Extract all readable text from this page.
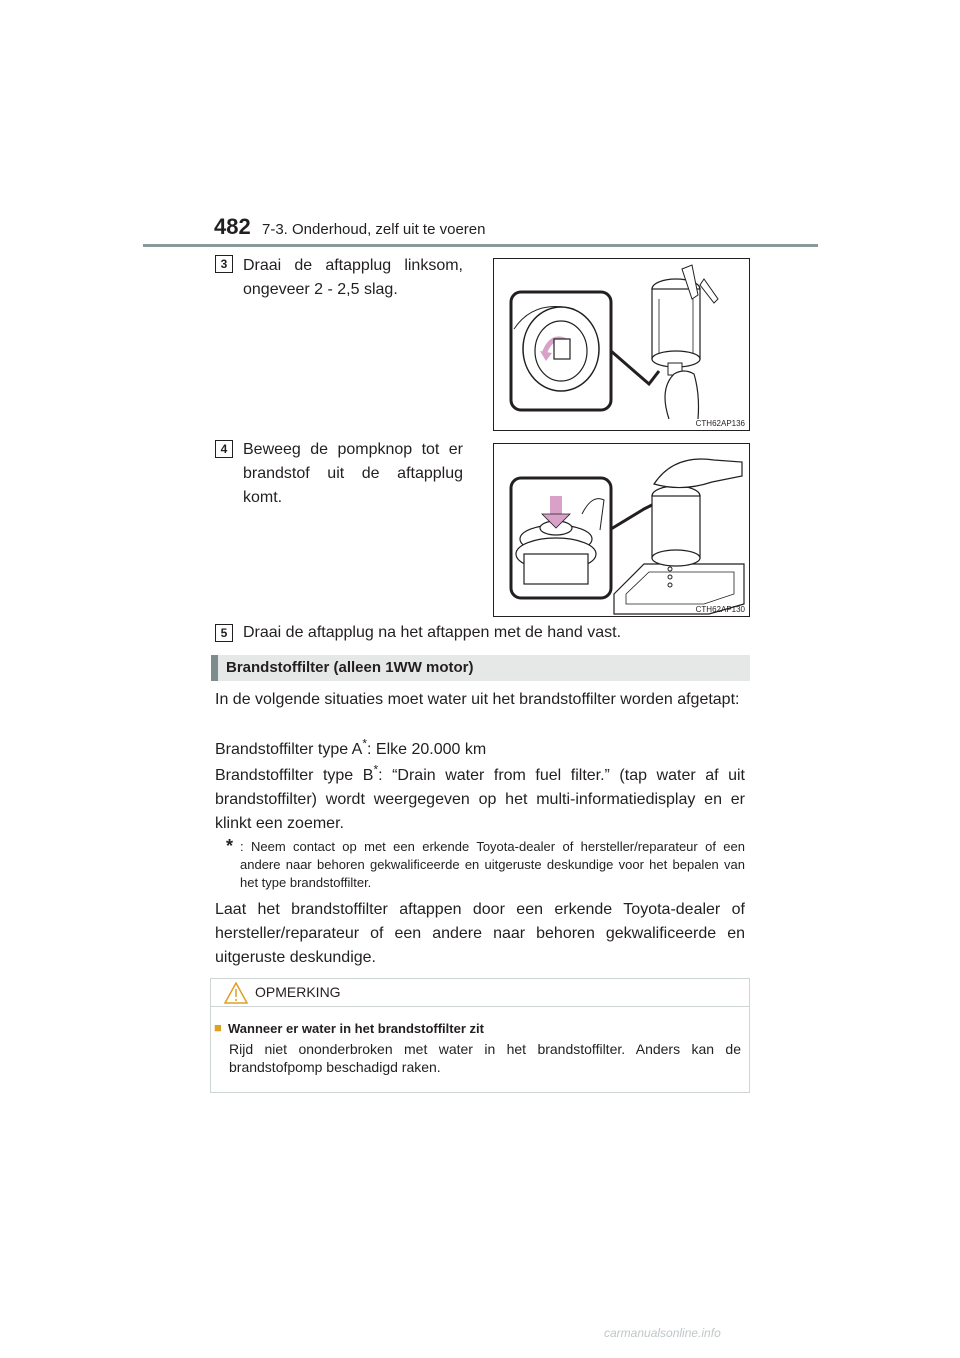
482 7-3. Onderhoud, zelf uit te voeren
3 Draai de aftapplug linksom, ongeveer 2 - 2,5 slag.
CTH62AP136
4 Beweeg de pompknop tot er brandstof uit de aftapplug komt.
CTH62AP130
5 Draai de aftapplug na het aftappen met de hand vast.
Brandstoffilter (alleen 1WW motor)
In de volgende situaties moet water uit het brandstoffilter worden afgetapt:
Brandstoffilter type A*: Elke 20.000 km
Brandstoffilter type B*: “Drain water from fuel filter.” (tap water af uit brandstoffilter) wordt weergegeven op het multi-informatiedisplay en er klinkt een zoemer.
* : Neem contact op met een erkende Toyota-dealer of hersteller/reparateur of een andere naar behoren gekwalificeerde en uitgeruste deskundige voor het bepalen van het type brandstoffilter.
Laat het brandstoffilter aftappen door een erkende Toyota-dealer of hersteller/reparateur of een andere naar behoren gekwalificeerde en uitgeruste deskundige.
OPMERKING
■ Wanneer er water in het brandstoffilter zit
Rijd niet ononderbroken met water in het brandstoffilter. Anders kan de brandstofpomp beschadigd raken.
carmanualsonline.info
